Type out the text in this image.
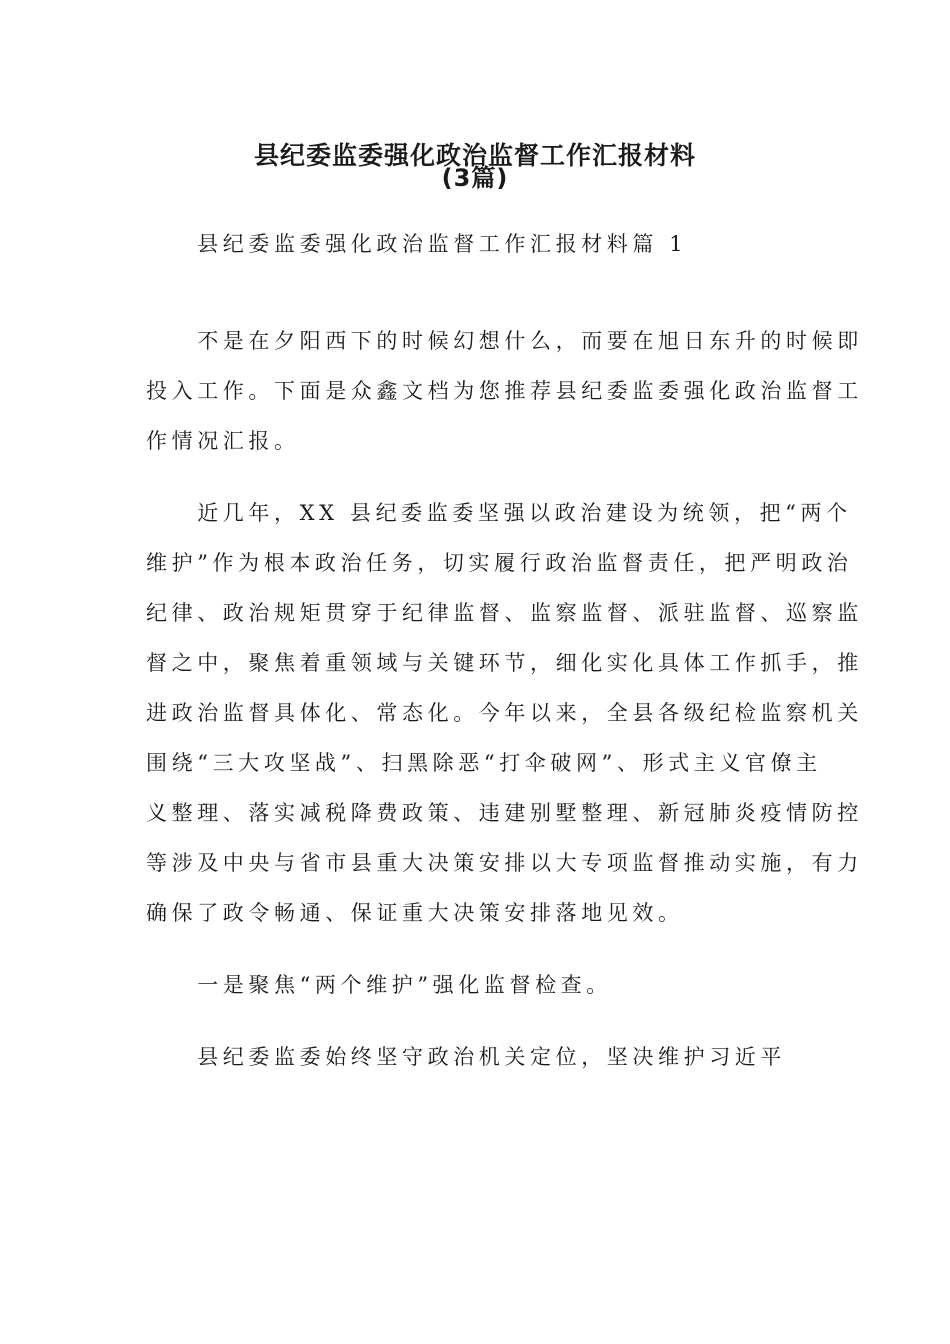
县纪委监委强化政治监督工作汇报材料
(3篇)

　　县纪委监委强化政治监督工作汇报材料篇 1

　　不是在夕阳西下的时候幻想什么，而要在旭日东升的时候即

投入工作。下面是众鑫文档为您推荐县纪委监委强化政治监督工

作情况汇报。

　　近几年，XX 县纪委监委坚强以政治建设为统领，把“两个

维护”作为根本政治任务，切实履行政治监督责任，把严明政治

纪律、政治规矩贯穿于纪律监督、监察监督、派驻监督、巡察监

督之中，聚焦着重领域与关键环节，细化实化具体工作抓手，推

进政治监督具体化、常态化。今年以来，全县各级纪检监察机关

围绕“三大攻坚战”、扫黑除恶“打伞破网”、形式主义官僚主

义整理、落实减税降费政策、违建别墅整理、新冠肺炎疫情防控

等涉及中央与省市县重大决策安排以大专项监督推动实施，有力

确保了政令畅通、保证重大决策安排落地见效。

　　一是聚焦“两个维护”强化监督检查。

　　县纪委监委始终坚守政治机关定位，坚决维护习近平
